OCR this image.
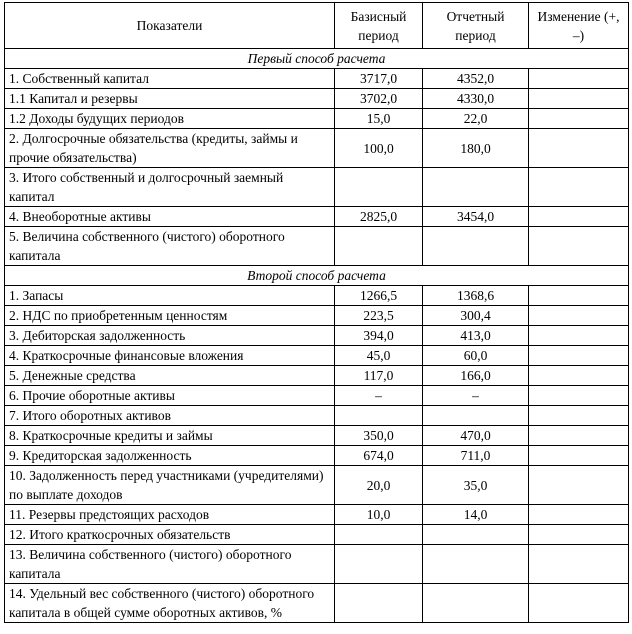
Показатели	Базисный период	Отчетный период	Изменение (+, –)
Первый способ расчета			
1. Собственный капитал	3717,0	4352,0	
1.1 Капитал и резервы	3702,0	4330,0	
1.2 Доходы будущих периодов	15,0	22,0	
2. Долгосрочные обязательства (кредиты, займы и прочие обязательства)	100,0	180,0	
3. Итого собственный и долгосрочный заемный капитал			
4. Внеоборотные активы	2825,0	3454,0	
5. Величина собственного (чистого) оборотного капитала			
Второй способ расчета			
1. Запасы	1266,5	1368,6	
2. НДС по приобретенным ценностям	223,5	300,4	
3. Дебиторская задолженность	394,0	413,0	
4. Краткосрочные финансовые вложения	45,0	60,0	
5. Денежные средства	117,0	166,0	
6. Прочие оборотные активы	–	–	
7. Итого оборотных активов			
8. Краткосрочные кредиты и займы	350,0	470,0	
9. Кредиторская задолженность	674,0	711,0	
10. Задолженность перед участниками (учредителями) по выплате доходов	20,0	35,0	
11. Резервы предстоящих расходов	10,0	14,0	
12. Итого краткосрочных обязательств			
13. Величина собственного (чистого) оборотного капитала			
14. Удельный вес собственного (чистого) оборотного капитала в общей сумме оборотных активов, %			
